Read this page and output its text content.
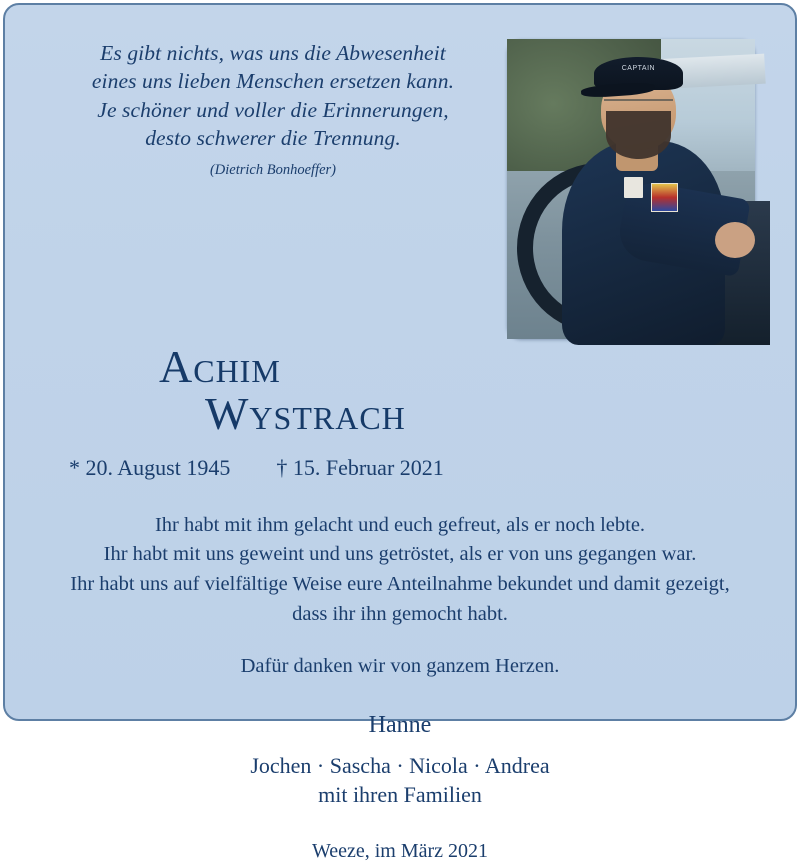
Es gibt nichts, was uns die Abwesenheit
eines uns lieben Menschen ersetzen kann.
Je schöner und voller die Erinnerungen,
desto schwerer die Trennung.
(Dietrich Bonhoeffer)
CAPTAIN
Achim
Wystrach
* 20. August 1945 † 15. Februar 2021
Ihr habt mit ihm gelacht und euch gefreut, als er noch lebte.
Ihr habt mit uns geweint und uns getröstet, als er von uns gegangen war.
Ihr habt uns auf vielfältige Weise eure Anteilnahme bekundet und damit gezeigt,
dass ihr ihn gemocht habt.
Dafür danken wir von ganzem Herzen.
Hanne
Jochen · Sascha · Nicola · Andrea
mit ihren Familien
Weeze, im März 2021
